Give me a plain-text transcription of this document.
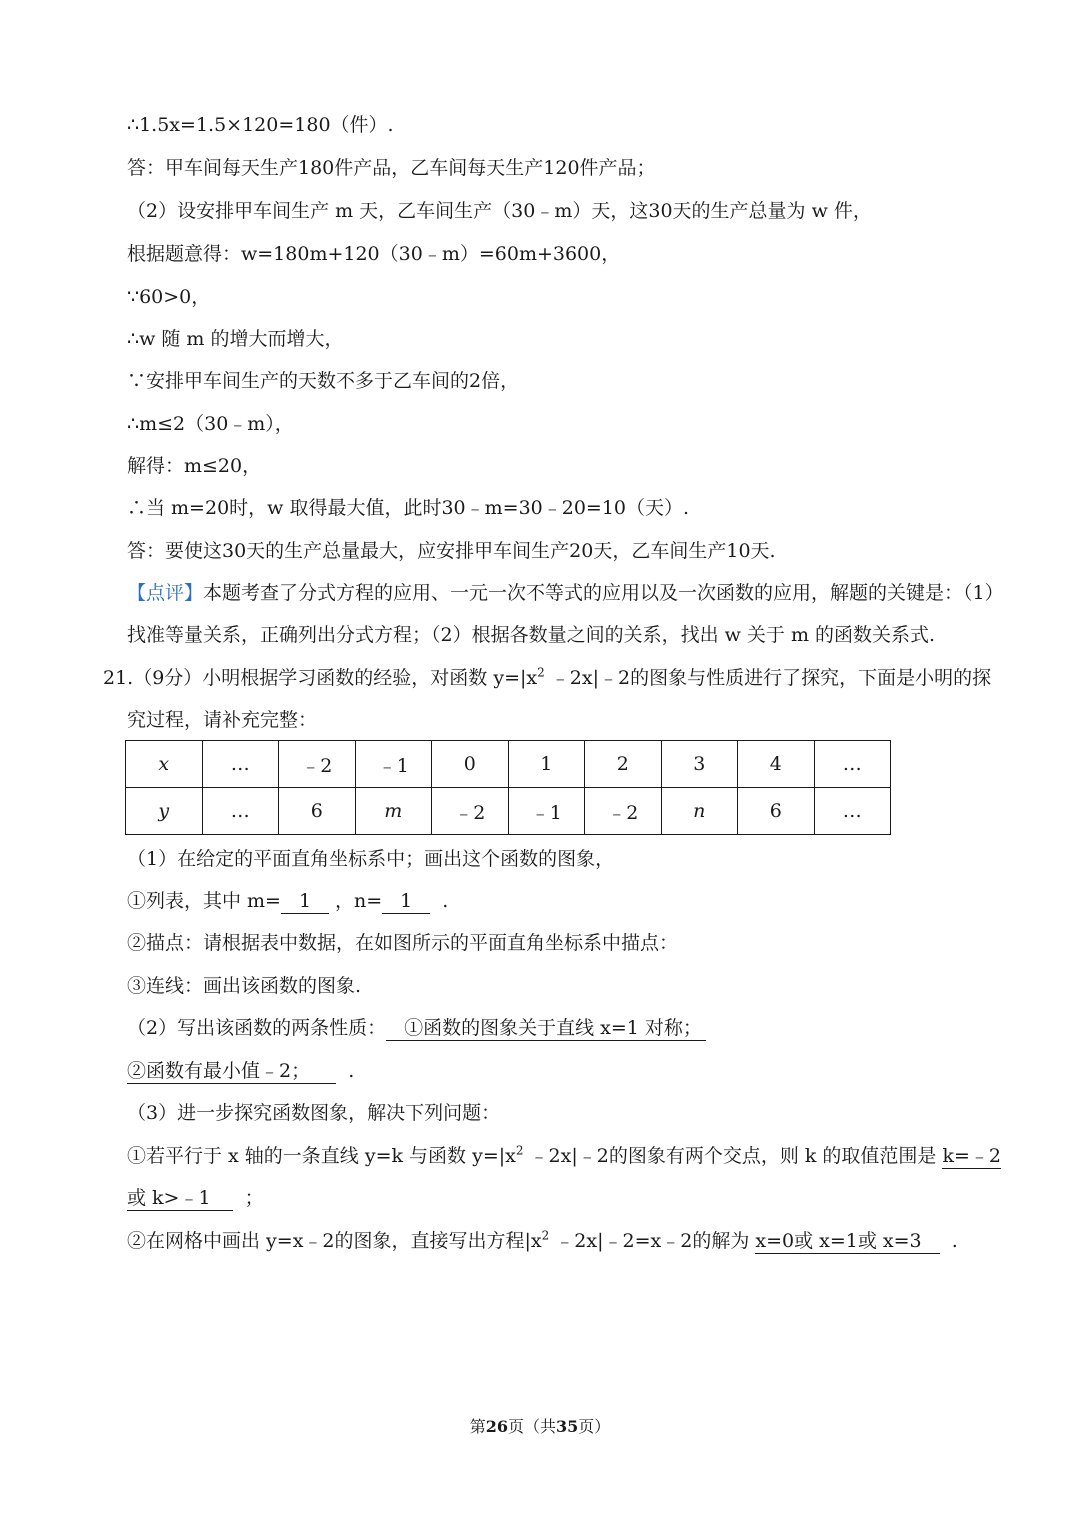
∴1.5x=1.5×120=180（件）.
答：甲车间每天生产180件产品，乙车间每天生产120件产品；
（2）设安排甲车间生产 m 天，乙车间生产（30﹣m）天，这30天的生产总量为 w 件，
根据题意得：w=180m+120（30﹣m）=60m+3600，
∵60>0，
∴w 随 m 的增大而增大，
∵安排甲车间生产的天数不多于乙车间的2倍，
∴m≤2（30﹣m），
解得：m≤20，
∴当 m=20时，w 取得最大值，此时30﹣m=30﹣20=10（天）.
答：要使这30天的生产总量最大，应安排甲车间生产20天，乙车间生产10天.
【点评】本题考查了分式方程的应用、一元一次不等式的应用以及一次函数的应用，解题的关键是：（1）
找准等量关系，正确列出分式方程；（2）根据各数量之间的关系，找出 w 关于 m 的函数关系式.
21.（9分）小明根据学习函数的经验，对函数 $y=|x^2$ ﹣2x|﹣2的图象与性质进行了探究，下面是小明的探
究过程，请补充完整：
x	…	﹣2	﹣1	0	1	2	3	4	…
y	…	6	m	﹣2	﹣1	﹣2	n	6	…
（1）在给定的平面直角坐标系中；画出这个函数的图象，
①列表，其中 m= 1 ，n= 1 .
②描点：请根据表中数据，在如图所示的平面直角坐标系中描点：
③连线：画出该函数的图象.
（2）写出该函数的两条性质： ①函数的图象关于直线 x=1 对称；
②函数有最小值﹣2； .
（3）进一步探究函数图象，解决下列问题：
①若平行于 x 轴的一条直线 y=k 与函数 $y=|x^2$ ﹣2x|﹣2的图象有两个交点，则 k 的取值范围是 k=﹣2
或 k>﹣1 ；
②在网格中画出 y=x﹣2的图象，直接写出方程$|x^2$ ﹣2x|﹣2=x﹣2的解为 x=0或 x=1或 x=3 .
第26页（共35页）
